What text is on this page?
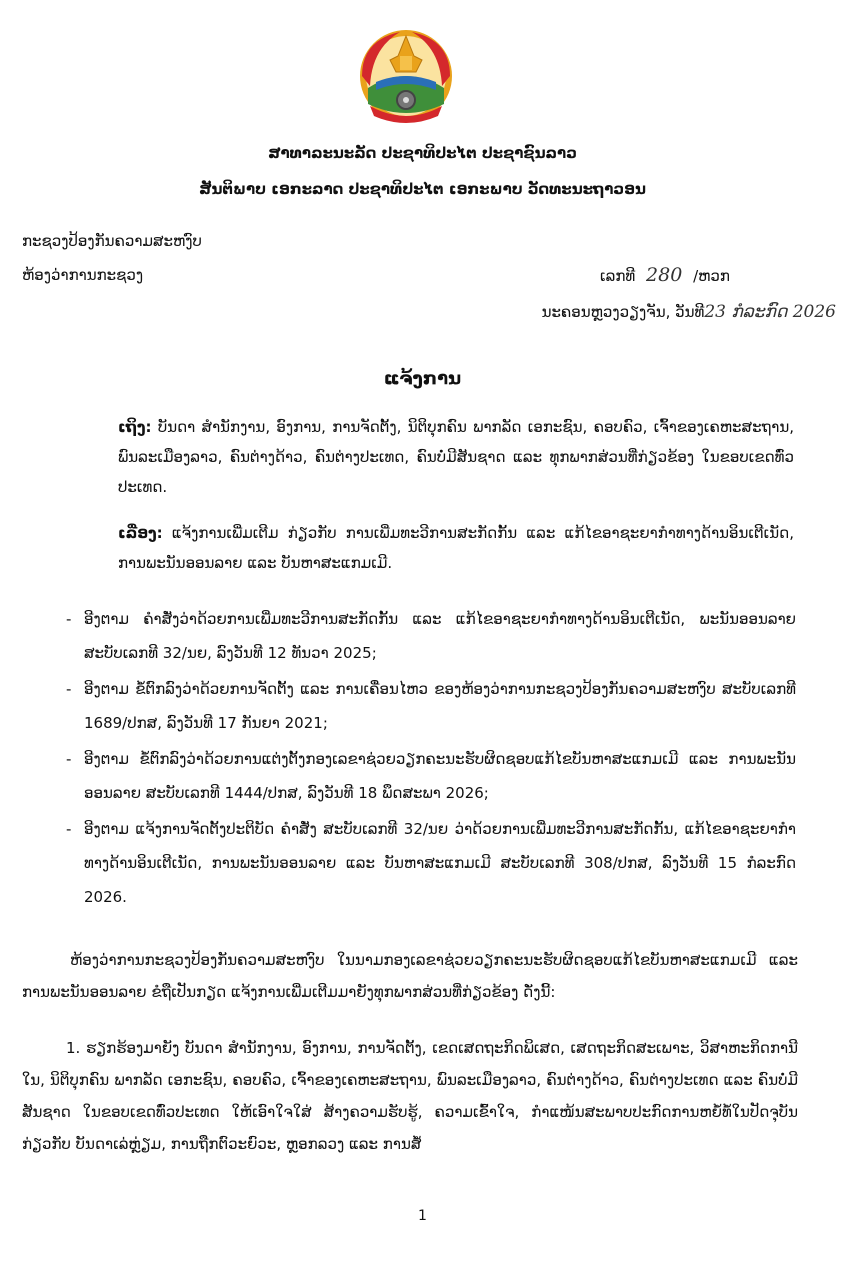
ສາທາລະນະລັດ ປະຊາທິປະໄຕ ປະຊາຊົນລາວ
ສັນຕິພາບ ເອກະລາດ ປະຊາທິປະໄຕ ເອກະພາບ ວັດທະນະຖາວອນ
ກະຊວງປ້ອງກັນຄວາມສະຫງົບ
ຫ້ອງວ່າການກະຊວງ	ເລກທີ 280 /ຫວກ
ນະຄອນຫຼວງວຽງຈັນ, ວັນທີ23 ກໍລະກົດ 2026
ແຈ້ງການ
ເຖິງ: ບັນດາ ສໍານັກງານ, ອົງການ, ການຈັດຕັ້ງ, ນິຕິບຸກຄົນ ພາກລັດ ເອກະຊົນ, ຄອບຄົວ, ເຈົ້າຂອງເຄຫະສະຖານ, ພົນລະເມືອງລາວ, ຄົນຕ່າງດ້າວ, ຄົນຕ່າງປະເທດ, ຄົນບໍ່ມີສັນຊາດ ແລະ ທຸກພາກສ່ວນທີ່ກ່ຽວຂ້ອງ ໃນຂອບເຂດທົ່ວປະເທດ.
ເລື່ອງ: ແຈ້ງການເພີ່ມເຕີມ ກ່ຽວກັບ ການເພີ່ມທະວີການສະກັດກັ້ນ ແລະ ແກ້ໄຂອາຊະຍາກໍາທາງດ້ານອິນເຕີເນັດ, ການພະນັນອອນລາຍ ແລະ ບັນຫາສະແກມເມີ.
- ອີງຕາມ ຄໍາສັ່ງວ່າດ້ວຍການເພີ່ມທະວີການສະກັດກັ້ນ ແລະ ແກ້ໄຂອາຊະຍາກໍາທາງດ້ານອິນເຕີເນັດ, ພະນັນອອນລາຍ ສະບັບເລກທີ 32/ນຍ, ລົງວັນທີ 12 ທັນວາ 2025;
- ອີງຕາມ ຂໍ້ຕົກລົງວ່າດ້ວຍການຈັດຕັ້ງ ແລະ ການເຄື່ອນໄຫວ ຂອງຫ້ອງວ່າການກະຊວງປ້ອງກັນຄວາມສະຫງົບ ສະບັບເລກທີ 1689/ປກສ, ລົງວັນທີ 17 ກັນຍາ 2021;
- ອີງຕາມ ຂໍ້ຕົກລົງວ່າດ້ວຍການແຕ່ງຕັ້ງກອງເລຂາຊ່ວຍວຽກຄະນະຮັບຜິດຊອບແກ້ໄຂບັນຫາສະແກມເມີ ແລະ ການພະນັນອອນລາຍ ສະບັບເລກທີ 1444/ປກສ, ລົງວັນທີ 18 ພຶດສະພາ 2026;
- ອີງຕາມ ແຈ້ງການຈັດຕັ້ງປະຕິບັດ ຄໍາສັ່ງ ສະບັບເລກທີ 32/ນຍ ວ່າດ້ວຍການເພີ່ມທະວີການສະກັດກັ້ນ, ແກ້ໄຂອາຊະຍາກໍາທາງດ້ານອິນເຕີເນັດ, ການພະນັນອອນລາຍ ແລະ ບັນຫາສະແກມເມີ ສະບັບເລກທີ 308/ປກສ, ລົງວັນທີ 15 ກໍລະກົດ 2026.
ຫ້ອງວ່າການກະຊວງປ້ອງກັນຄວາມສະຫງົບ ໃນນາມກອງເລຂາຊ່ວຍວຽກຄະນະຮັບຜິດຊອບແກ້ໄຂບັນຫາສະແກມເມີ ແລະ ການພະນັນອອນລາຍ ຂໍຖືເປັນກຽດ ແຈ້ງການເພີ່ມເຕີມມາຍັງທຸກພາກສ່ວນທີ່ກ່ຽວຂ້ອງ ດັ່ງນີ້:
1. ຮຽກຮ້ອງມາຍັງ ບັນດາ ສໍານັກງານ, ອົງການ, ການຈັດຕັ້ງ, ເຂດເສດຖະກິດພິເສດ, ເສດຖະກິດສະເພາະ, ວິສາຫະກິດການີໃນ, ນິຕິບຸກຄົນ ພາກລັດ ເອກະຊົນ, ຄອບຄົວ, ເຈົ້າຂອງເຄຫະສະຖານ, ພົນລະເມືອງລາວ, ຄົນຕ່າງດ້າວ, ຄົນຕ່າງປະເທດ ແລະ ຄົນບໍ່ມີສັນຊາດ ໃນຂອບເຂດທົ່ວປະເທດ ໃຫ້ເອົາໃຈໃສ່ ສ້າງຄວາມຮັບຮູ້, ຄວາມເຂົ້າໃຈ, ກໍາແໜ້ນສະພາບປະກົດການຫຍໍ້ທໍ້ໃນປັດຈຸບັນ ກ່ຽວກັບ ບັນດາເລ່ຫຼ່ຽມ, ການຖືກຕົວະຍົວະ, ຫຼອກລວງ ແລະ ການສໍ້
1
